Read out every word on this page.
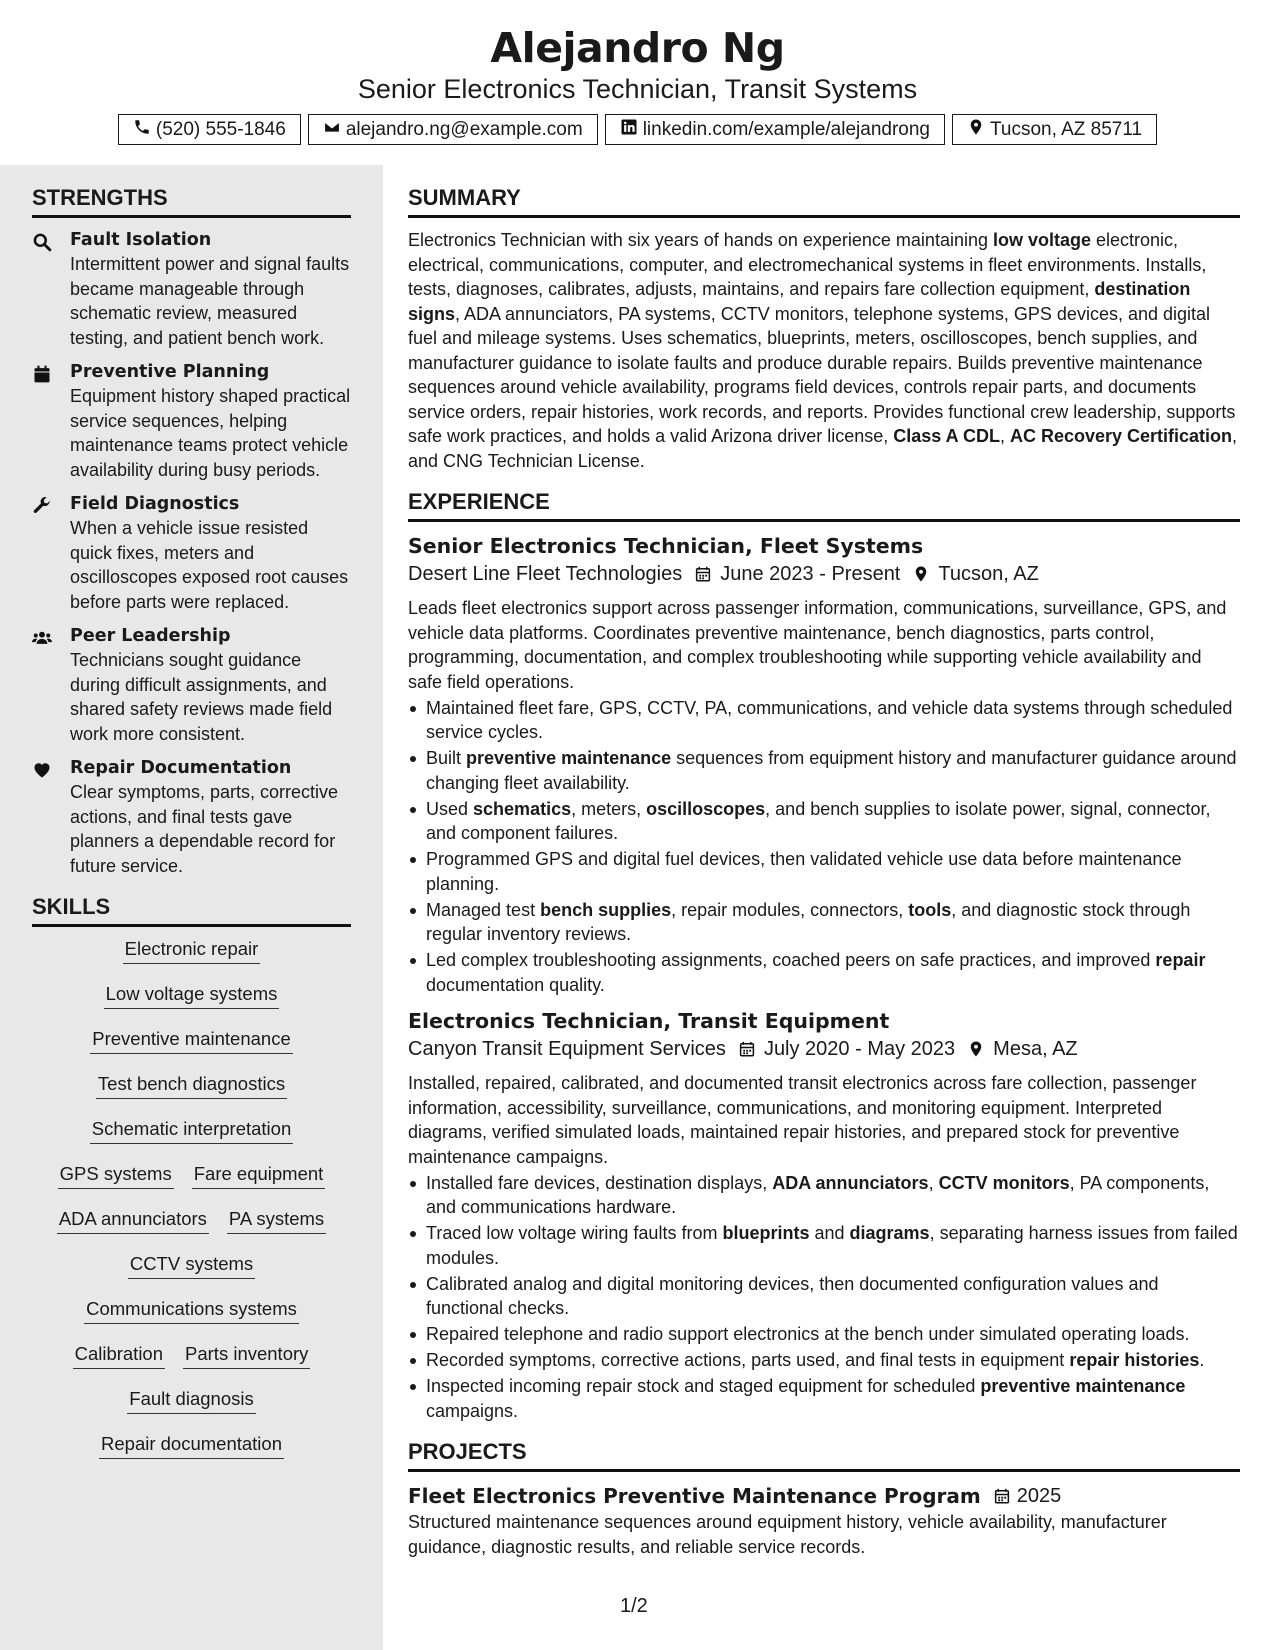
Alejandro Ng
Senior Electronics Technician, Transit Systems
(520) 555-1846	alejandro.ng@example.com	linkedin.com/example/alejandrong	Tucson, AZ 85711
STRENGTHS
Fault Isolation
Intermittent power and signal faults became manageable through schematic review, measured testing, and patient bench work.
Preventive Planning
Equipment history shaped practical service sequences, helping maintenance teams protect vehicle availability during busy periods.
Field Diagnostics
When a vehicle issue resisted quick fixes, meters and oscilloscopes exposed root causes before parts were replaced.
Peer Leadership
Technicians sought guidance during difficult assignments, and shared safety reviews made field work more consistent.
Repair Documentation
Clear symptoms, parts, corrective actions, and final tests gave planners a dependable record for future service.
SKILLS
Electronic repair
Low voltage systems
Preventive maintenance
Test bench diagnostics
Schematic interpretation
GPS systems Fare equipment
ADA annunciators PA systems
CCTV systems
Communications systems
Calibration Parts inventory
Fault diagnosis
Repair documentation
SUMMARY
Electronics Technician with six years of hands on experience maintaining low voltage electronic, electrical, communications, computer, and electromechanical systems in fleet environments. Installs, tests, diagnoses, calibrates, adjusts, maintains, and repairs fare collection equipment, destination signs, ADA annunciators, PA systems, CCTV monitors, telephone systems, GPS devices, and digital fuel and mileage systems. Uses schematics, blueprints, meters, oscilloscopes, bench supplies, and manufacturer guidance to isolate faults and produce durable repairs. Builds preventive maintenance sequences around vehicle availability, programs field devices, controls repair parts, and documents service orders, repair histories, work records, and reports. Provides functional crew leadership, supports safe work practices, and holds a valid Arizona driver license, Class A CDL, AC Recovery Certification, and CNG Technician License.
EXPERIENCE
Senior Electronics Technician, Fleet Systems
Desert Line Fleet Technologies June 2023 - Present Tucson, AZ
Leads fleet electronics support across passenger information, communications, surveillance, GPS, and vehicle data platforms. Coordinates preventive maintenance, bench diagnostics, parts control, programming, documentation, and complex troubleshooting while supporting vehicle availability and safe field operations.
Maintained fleet fare, GPS, CCTV, PA, communications, and vehicle data systems through scheduled service cycles.
Built preventive maintenance sequences from equipment history and manufacturer guidance around changing fleet availability.
Used schematics, meters, oscilloscopes, and bench supplies to isolate power, signal, connector, and component failures.
Programmed GPS and digital fuel devices, then validated vehicle use data before maintenance planning.
Managed test bench supplies, repair modules, connectors, tools, and diagnostic stock through regular inventory reviews.
Led complex troubleshooting assignments, coached peers on safe practices, and improved repair documentation quality.
Electronics Technician, Transit Equipment
Canyon Transit Equipment Services July 2020 - May 2023 Mesa, AZ
Installed, repaired, calibrated, and documented transit electronics across fare collection, passenger information, accessibility, surveillance, communications, and monitoring equipment. Interpreted diagrams, verified simulated loads, maintained repair histories, and prepared stock for preventive maintenance campaigns.
Installed fare devices, destination displays, ADA annunciators, CCTV monitors, PA components, and communications hardware.
Traced low voltage wiring faults from blueprints and diagrams, separating harness issues from failed modules.
Calibrated analog and digital monitoring devices, then documented configuration values and functional checks.
Repaired telephone and radio support electronics at the bench under simulated operating loads.
Recorded symptoms, corrective actions, parts used, and final tests in equipment repair histories.
Inspected incoming repair stock and staged equipment for scheduled preventive maintenance campaigns.
PROJECTS
Fleet Electronics Preventive Maintenance Program 2025
Structured maintenance sequences around equipment history, vehicle availability, manufacturer guidance, diagnostic results, and reliable service records.
1/2
